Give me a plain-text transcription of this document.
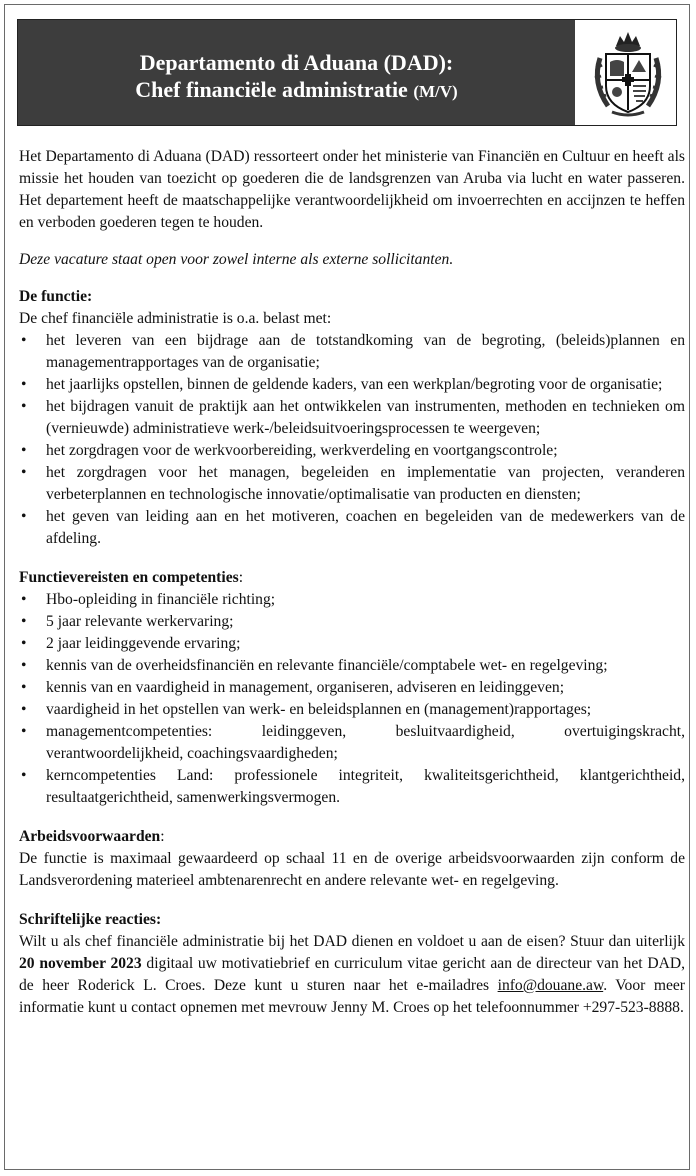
Departamento di Aduana (DAD):
Chef financiële administratie (M/V)

Het Departamento di Aduana (DAD) ressorteert onder het ministerie van Financiën en Cultuur en heeft als missie het houden van toezicht op goederen die de landsgrenzen van Aruba via lucht en water passeren. Het departement heeft de maatschappelijke verantwoordelijkheid om invoerrechten en accijnzen te heffen en verboden goederen tegen te houden.

Deze vacature staat open voor zowel interne als externe sollicitanten.

De functie:

De chef financiële administratie is o.a. belast met:

• het leveren van een bijdrage aan de totstandkoming van de begroting, (beleids)plannen en managementrapportages van de organisatie;
• het jaarlijks opstellen, binnen de geldende kaders, van een werkplan/begroting voor de organisatie;
• het bijdragen vanuit de praktijk aan het ontwikkelen van instrumenten, methoden en technieken om (vernieuwde) administratieve werk-/beleidsuitvoeringsprocessen te weergeven;
• het zorgdragen voor de werkvoorbereiding, werkverdeling en voortgangscontrole;
• het zorgdragen voor het managen, begeleiden en implementatie van projecten, veranderen verbeterplannen en technologische innovatie/optimalisatie van producten en diensten;
• het geven van leiding aan en het motiveren, coachen en begeleiden van de medewerkers van de afdeling.
Functievereisten en competenties:
• Hbo-opleiding in financiële richting;
• 5 jaar relevante werkervaring;
• 2 jaar leidinggevende ervaring;
• kennis van de overheidsfinanciën en relevante financiële/comptabele wet- en regelgeving;
• kennis van en vaardigheid in management, organiseren, adviseren en leidinggeven;
• vaardigheid in het opstellen van werk- en beleidsplannen en (management)rapportages;
• managementcompetenties: leidinggeven, besluitvaardigheid, overtuigingskracht, verantwoordelijkheid, coachingsvaardigheden;
• kerncompetenties Land: professionele integriteit, kwaliteitsgerichtheid, klantgerichtheid, resultaatgerichtheid, samenwerkingsvermogen.
Arbeidsvoorwaarden:

De functie is maximaal gewaardeerd op schaal 11 en de overige arbeidsvoorwaarden zijn conform de Landsverordening materieel ambtenarenrecht en andere relevante wet- en regelgeving.

Schriftelijke reacties:

Wilt u als chef financiële administratie bij het DAD dienen en voldoet u aan de eisen? Stuur dan uiterlijk 20 november 2023 digitaal uw motivatiebrief en curriculum vitae gericht aan de directeur van het DAD, de heer Roderick L. Croes. Deze kunt u sturen naar het e-mailadres info@douane.aw. Voor meer informatie kunt u contact opnemen met mevrouw Jenny M. Croes op het telefoonnummer +297-523-8888.
